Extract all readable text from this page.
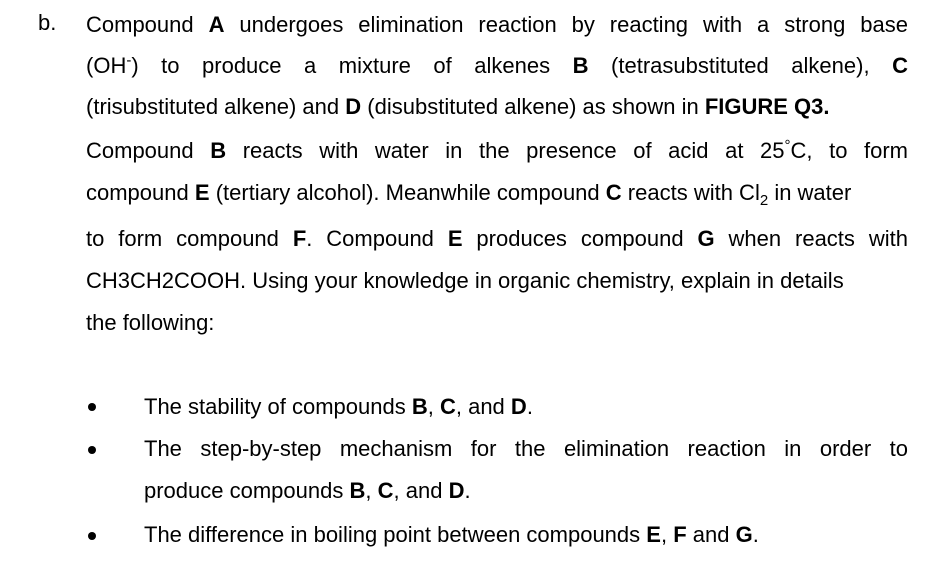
b. Compound A undergoes elimination reaction by reacting with a strong base
(OH-) to produce a mixture of alkenes B (tetrasubstituted alkene), C
(trisubstituted alkene) and D (disubstituted alkene) as shown in FIGURE Q3.
Compound B reacts with water in the presence of acid at 25°C, to form
compound E (tertiary alcohol). Meanwhile compound C reacts with $Cl_2$ in water
to form compound F. Compound E produces compound G when reacts with
CH3CH2COOH. Using your knowledge in organic chemistry, explain in details
the following:
The stability of compounds B, C, and D.
The step-by-step mechanism for the elimination reaction in order to
produce compounds B, C, and D.
The difference in boiling point between compounds E, F and G.
